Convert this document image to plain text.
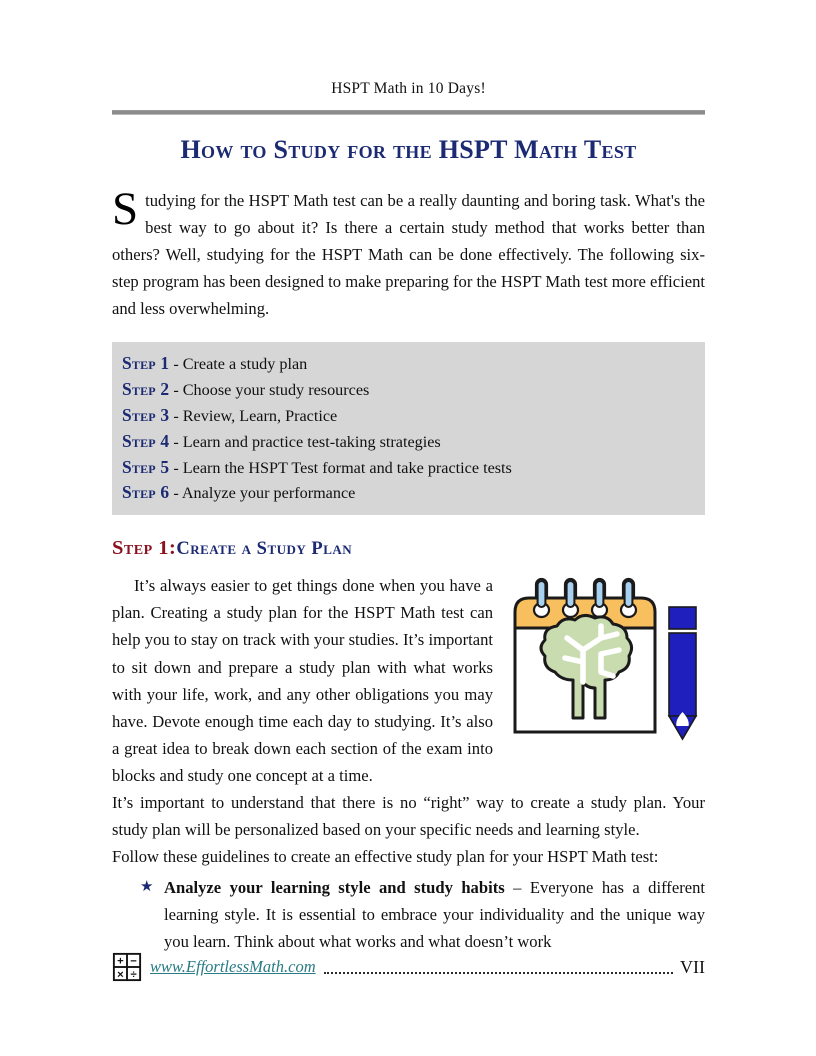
HSPT Math in 10 Days!
How to Study for the HSPT Math Test

Studying for the HSPT Math test can be a really daunting and boring task. What's the best way to go about it? Is there a certain study method that works better than others? Well, studying for the HSPT Math can be done effectively. The following six-step program has been designed to make preparing for the HSPT Math test more efficient and less overwhelming.

Step 1 - Create a study plan
Step 2 - Choose your study resources
Step 3 - Review, Learn, Practice
Step 4 - Learn and practice test-taking strategies
Step 5 - Learn the HSPT Test format and take practice tests
Step 6 - Analyze your performance
Step 1:Create a Study Plan

It’s always easier to get things done when you have a plan. Creating a study plan for the HSPT Math test can help you to stay on track with your studies. It’s important to sit down and prepare a study plan with what works with your life, work, and any other obligations you may have. Devote enough time each day to studying. It’s also a great idea to break down each section of the exam into blocks and study one concept at a time.

It’s important to understand that there is no “right” way to create a study plan. Your study plan will be personalized based on your specific needs and learning style.

Follow these guidelines to create an effective study plan for your HSPT Math test:

★ Analyze your learning style and study habits – Everyone has a different learning style. It is essential to embrace your individuality and the unique way you learn. Think about what works and what doesn’t work
+ −
× ÷ www.EffortlessMath.com	VII
